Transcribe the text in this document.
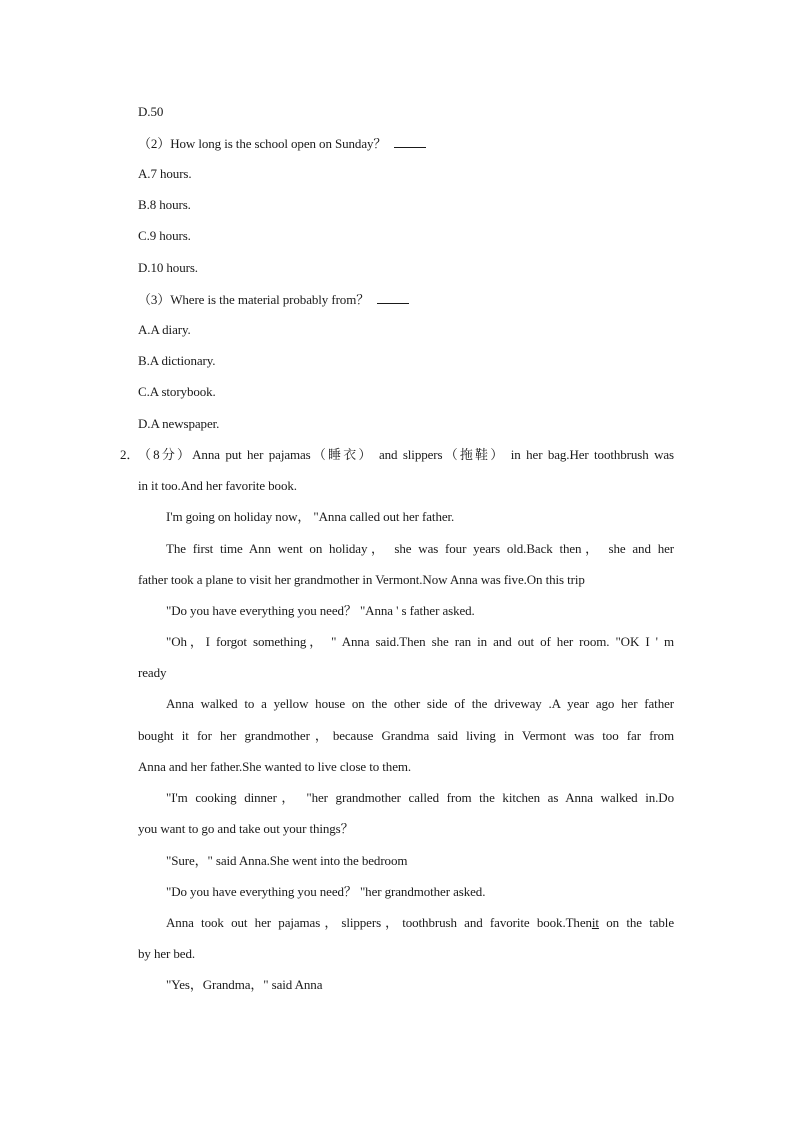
D.50
（2）How long is the school open on Sunday？
A.7 hours.
B.8 hours.
C.9 hours.
D.10 hours.
（3）Where is the material probably from？
A.A diary.
B.A dictionary.
C.A storybook.
D.A newspaper.
2．
（8分）Anna put her pajamas（睡衣） and slippers（拖鞋） in her bag.Her toothbrush was
in it too.And her favorite book.
I'm going on holiday now， "Anna called out her father.
The first time Ann went on holiday， she was four years old.Back then， she and her
father took a plane to visit her grandmother in Vermont.Now Anna was five.On this trip
"Do you have everything you need？ "Anna ' s father asked.
"Oh，I forgot something， " Anna said.Then she ran in and out of her room. "OK I ' m
ready
Anna walked to a yellow house on the other side of the driveway .A year ago her father
bought it for her grandmother，because Grandma said living in Vermont was too far from
Anna and her father.She wanted to live close to them.
"I'm cooking dinner， "her grandmother called from the kitchen as Anna walked in.Do
you want to go and take out your things？
"Sure，" said Anna.She went into the bedroom
"Do you have everything you need？ "her grandmother asked.
Anna took out her pajamas，slippers，toothbrush and favorite book.Thenit on the table
by her bed.
"Yes，Grandma，" said Anna
